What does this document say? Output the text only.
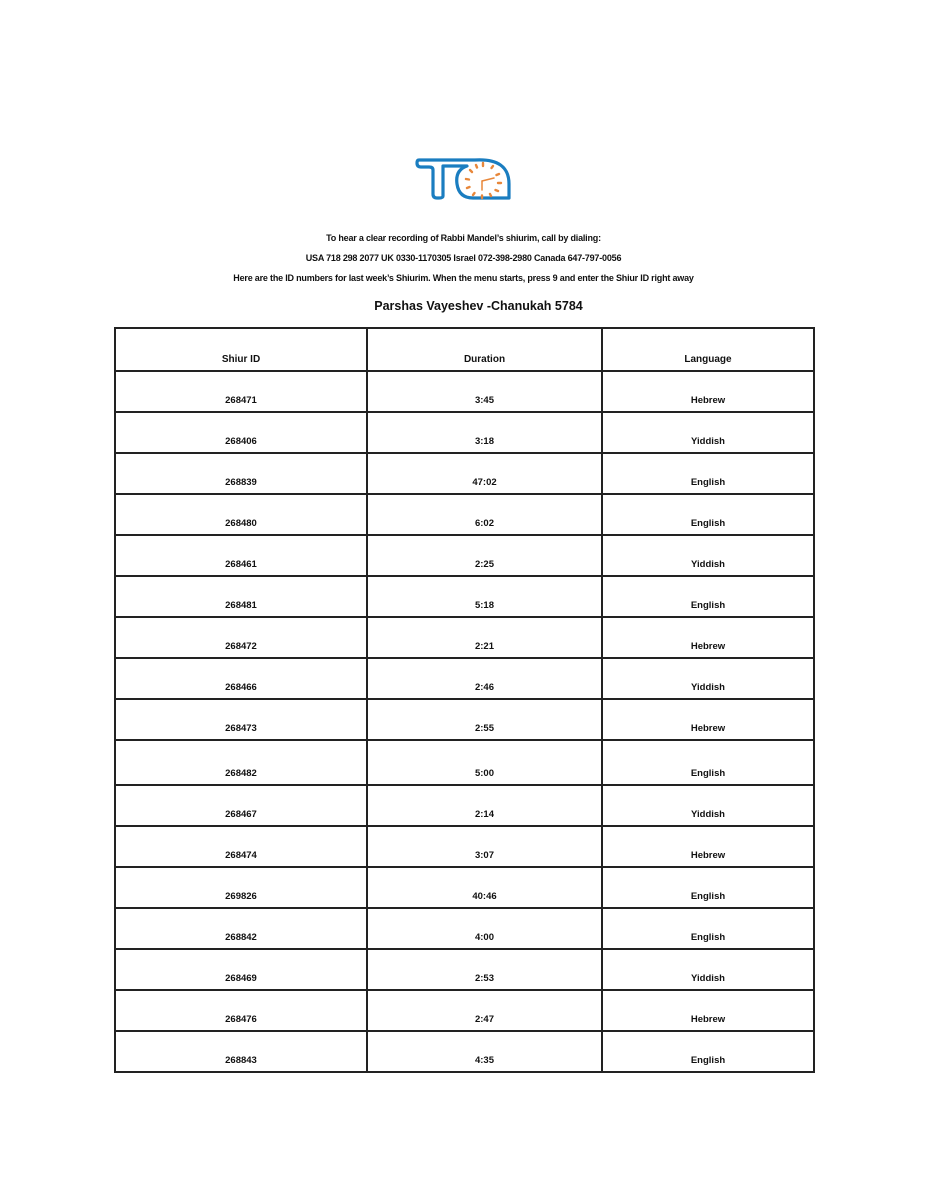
To hear a clear recording of Rabbi Mandel’s shiurim, call by dialing:
USA 718 298 2077 UK 0330-1170305 Israel 072-398-2980 Canada 647-797-0056
Here are the ID numbers for last week’s Shiurim. When the menu starts, press 9 and enter the Shiur ID right away
Parshas Vayeshev -Chanukah 5784
Shiur ID	Duration	Language
268471	3:45	Hebrew
268406	3:18	Yiddish
268839	47:02	English
268480	6:02	English
268461	2:25	Yiddish
268481	5:18	English
268472	2:21	Hebrew
268466	2:46	Yiddish
268473	2:55	Hebrew
268482	5:00	English
268467	2:14	Yiddish
268474	3:07	Hebrew
269826	40:46	English
268842	4:00	English
268469	2:53	Yiddish
268476	2:47	Hebrew
268843	4:35	English
